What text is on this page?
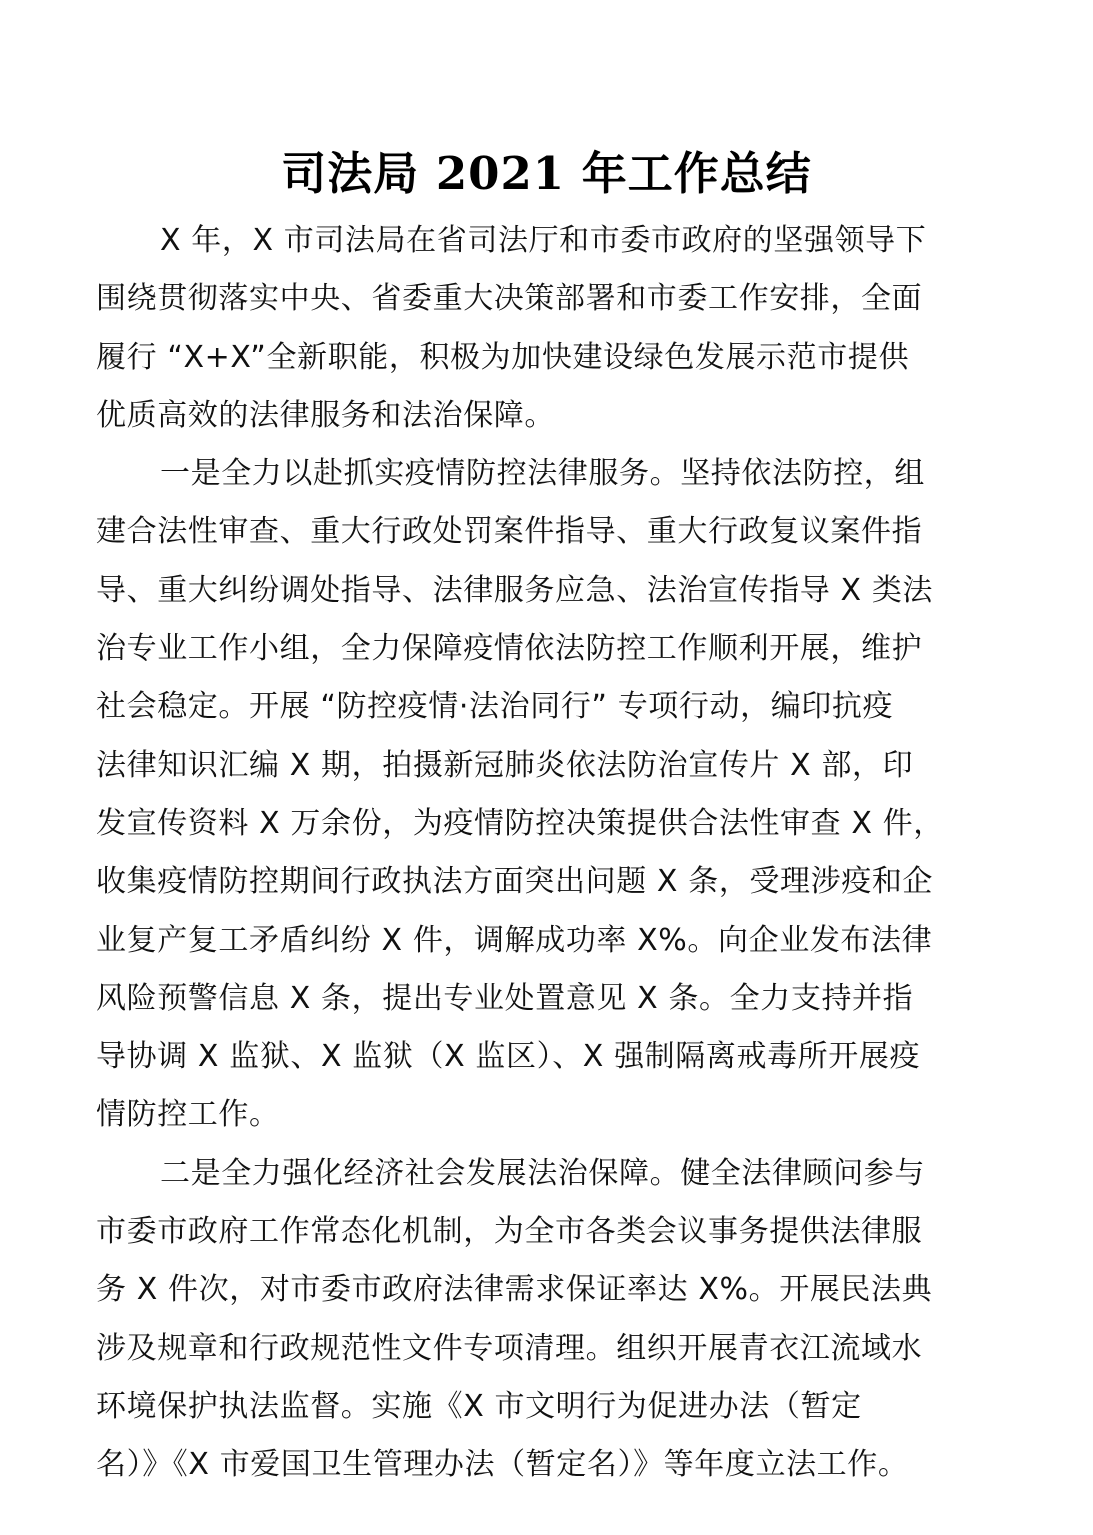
司法局 2021 年工作总结
X 年，X 市司法局在省司法厅和市委市政府的坚强领导下
围绕贯彻落实中央、省委重大决策部署和市委工作安排，全面
履行 “X+X”全新职能，积极为加快建设绿色发展示范市提供
优质高效的法律服务和法治保障。
一是全力以赴抓实疫情防控法律服务。坚持依法防控，组
建合法性审查、重大行政处罚案件指导、重大行政复议案件指
导、重大纠纷调处指导、法律服务应急、法治宣传指导 X 类法
治专业工作小组，全力保障疫情依法防控工作顺利开展，维护
社会稳定。开展 “防控疫情·法治同行” 专项行动，编印抗疫
法律知识汇编 X 期，拍摄新冠肺炎依法防治宣传片 X 部，印
发宣传资料 X 万余份，为疫情防控决策提供合法性审查 X 件，
收集疫情防控期间行政执法方面突出问题 X 条，受理涉疫和企
业复产复工矛盾纠纷 X 件，调解成功率 X%。向企业发布法律
风险预警信息 X 条，提出专业处置意见 X 条。全力支持并指
导协调 X 监狱、X 监狱（X 监区）、X 强制隔离戒毒所开展疫
情防控工作。
二是全力强化经济社会发展法治保障。健全法律顾问参与
市委市政府工作常态化机制，为全市各类会议事务提供法律服
务 X 件次，对市委市政府法律需求保证率达 X%。开展民法典
涉及规章和行政规范性文件专项清理。组织开展青衣江流域水
环境保护执法监督。实施《X 市文明行为促进办法（暂定
名）》《X 市爱国卫生管理办法（暂定名）》等年度立法工作。
